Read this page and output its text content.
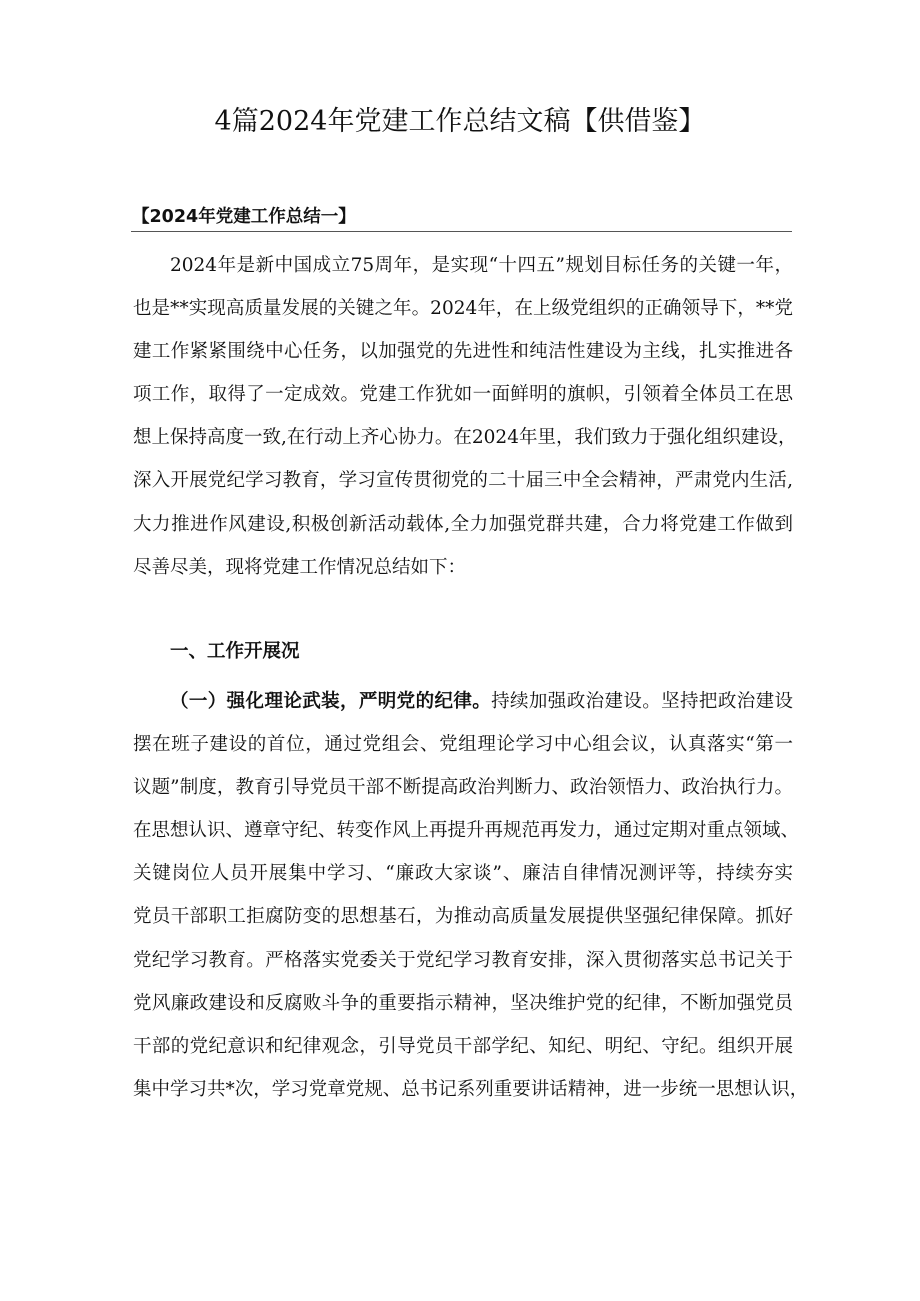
4篇2024年党建工作总结文稿【供借鉴】
【2024年党建工作总结一】
2024年是新中国成立75周年，是实现“十四五”规划目标任务的关键一年，
也是**实现高质量发展的关键之年。2024年，在上级党组织的正确领导下，**党
建工作紧紧围绕中心任务，以加强党的先进性和纯洁性建设为主线，扎实推进各
项工作，取得了一定成效。党建工作犹如一面鲜明的旗帜，引领着全体员工在思
想上保持高度一致,在行动上齐心协力。在2024年里，我们致力于强化组织建设，
深入开展党纪学习教育，学习宣传贯彻党的二十届三中全会精神，严肃党内生活,
大力推进作风建设,积极创新活动载体,全力加强党群共建，合力将党建工作做到
尽善尽美，现将党建工作情况总结如下：
一、工作开展况
（一）强化理论武装，严明党的纪律。持续加强政治建设。坚持把政治建设
摆在班子建设的首位，通过党组会、党组理论学习中心组会议，认真落实“第一
议题”制度，教育引导党员干部不断提高政治判断力、政治领悟力、政治执行力。
在思想认识、遵章守纪、转变作风上再提升再规范再发力，通过定期对重点领域、
关键岗位人员开展集中学习、“廉政大家谈”、廉洁自律情况测评等，持续夯实
党员干部职工拒腐防变的思想基石，为推动高质量发展提供坚强纪律保障。抓好
党纪学习教育。严格落实党委关于党纪学习教育安排，深入贯彻落实总书记关于
党风廉政建设和反腐败斗争的重要指示精神，坚决维护党的纪律，不断加强党员
干部的党纪意识和纪律观念，引导党员干部学纪、知纪、明纪、守纪。组织开展
集中学习共*次，学习党章党规、总书记系列重要讲话精神，进一步统一思想认识，
